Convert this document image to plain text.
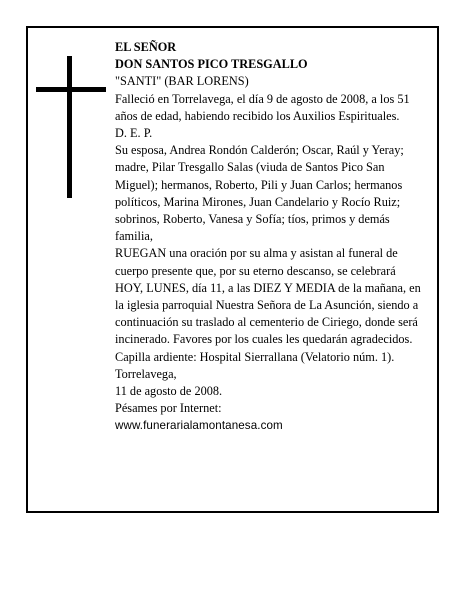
EL SEÑOR

DON SANTOS PICO TRESGALLO

"SANTI" (BAR LORENS)

Falleció en Torrelavega, el día 9 de agosto de 2008, a los 51 años de edad, habiendo recibido los Auxilios Espirituales.

D. E. P.

Su esposa, Andrea Rondón Calderón; Oscar, Raúl y Yeray; madre, Pilar Tresgallo Salas (viuda de Santos Pico San Miguel); hermanos, Roberto, Pili y Juan Carlos; hermanos políticos, Marina Mirones, Juan Candelario y Rocío Ruiz; sobrinos, Roberto, Vanesa y Sofía; tíos, primos y demás familia,

RUEGAN una oración por su alma y asistan al funeral de cuerpo presente que, por su eterno descanso, se celebrará HOY, LUNES, día 11, a las DIEZ Y MEDIA de la mañana, en la iglesia parroquial Nuestra Señora de La Asunción, siendo a continuación su traslado al cementerio de Ciriego, donde será incinerado. Favores por los cuales les quedarán agradecidos. Capilla ardiente: Hospital Sierrallana (Velatorio núm. 1).

Torrelavega,

11 de agosto de 2008.

Pésames por Internet:

www.funerarialamontanesa.com
